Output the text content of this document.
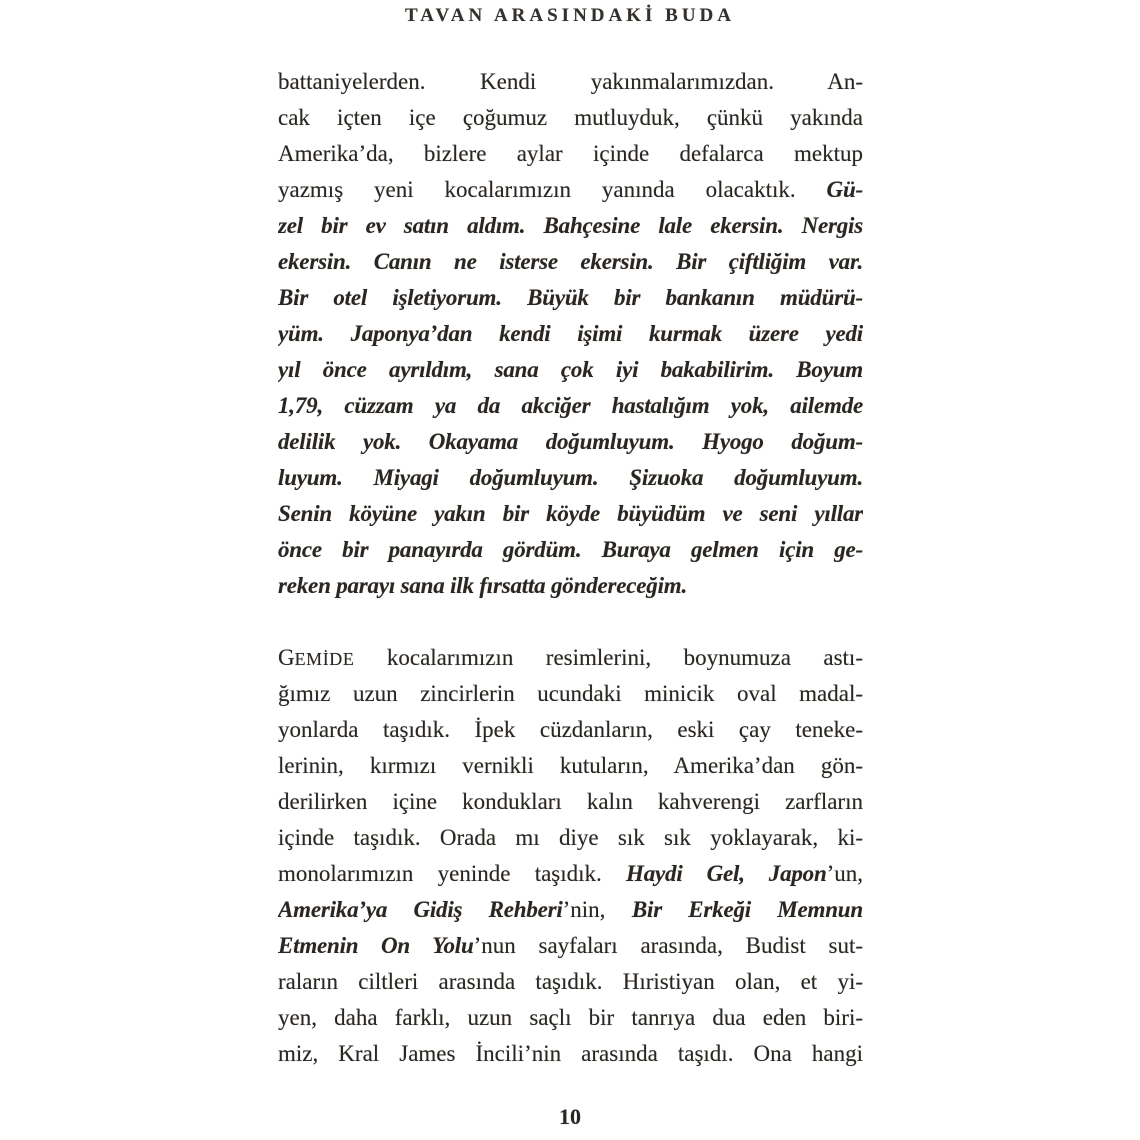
TAVAN ARASINDAKİ BUDA
battaniyelerden. Kendi yakınmalarımızdan. An-
cak içten içe çoğumuz mutluyduk, çünkü yakında
Amerika’da, bizlere aylar içinde defalarca mektup
yazmış yeni kocalarımızın yanında olacaktık. Gü-
zel bir ev satın aldım. Bahçesine lale ekersin. Nergis
ekersin. Canın ne isterse ekersin. Bir çiftliğim var.
Bir otel işletiyorum. Büyük bir bankanın müdürü-
yüm. Japonya’dan kendi işimi kurmak üzere yedi
yıl önce ayrıldım, sana çok iyi bakabilirim. Boyum
1,79, cüzzam ya da akciğer hastalığım yok, ailemde
delilik yok. Okayama doğumluyum. Hyogo doğum-
luyum. Miyagi doğumluyum. Şizuoka doğumluyum.
Senin köyüne yakın bir köyde büyüdüm ve seni yıllar
önce bir panayırda gördüm. Buraya gelmen için ge-
reken parayı sana ilk fırsatta göndereceğim.
GEMİDE kocalarımızın resimlerini, boynumuza astı-
ğımız uzun zincirlerin ucundaki minicik oval madal-
yonlarda taşıdık. İpek cüzdanların, eski çay teneke-
lerinin, kırmızı vernikli kutuların, Amerika’dan gön-
derilirken içine kondukları kalın kahverengi zarfların
içinde taşıdık. Orada mı diye sık sık yoklayarak, ki-
monolarımızın yeninde taşıdık. Haydi Gel, Japon’un,
Amerika’ya Gidiş Rehberi’nin, Bir Erkeği Memnun
Etmenin On Yolu’nun sayfaları arasında, Budist sut-
raların ciltleri arasında taşıdık. Hıristiyan olan, et yi-
yen, daha farklı, uzun saçlı bir tanrıya dua eden biri-
miz, Kral James İncili’nin arasında taşıdı. Ona hangi
10
